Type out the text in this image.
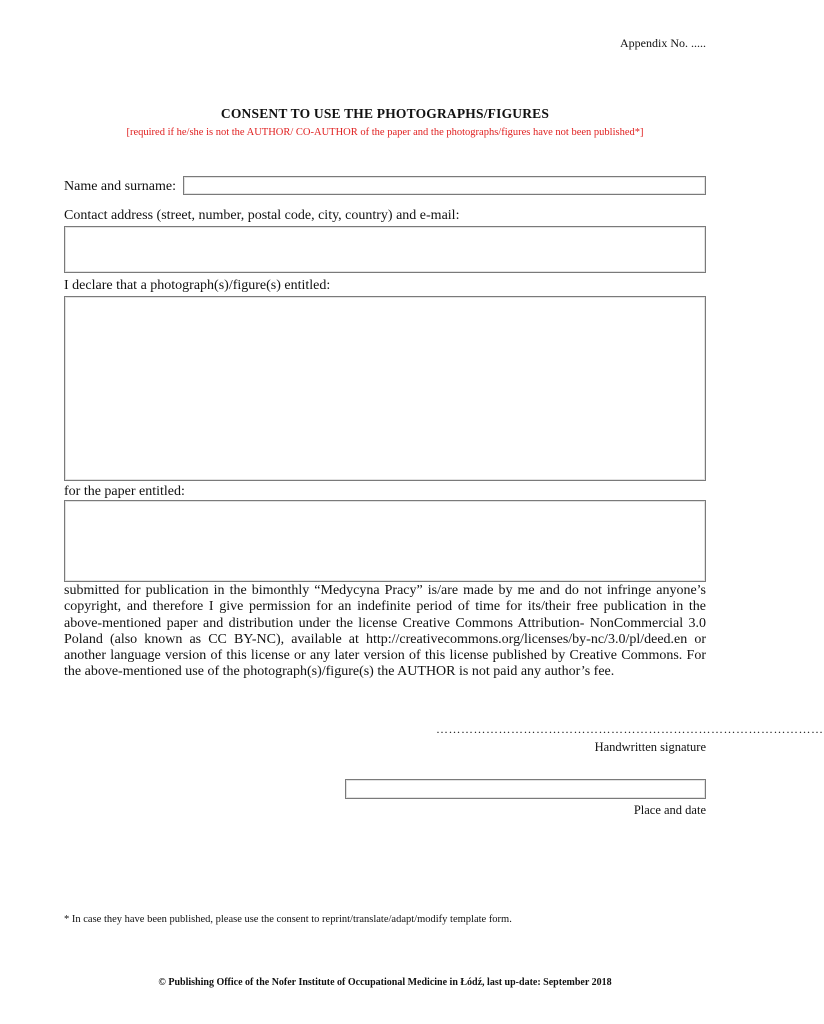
Appendix No. .....
CONSENT TO USE THE PHOTOGRAPHS/FIGURES
[required if he/she is not the AUTHOR/ CO-AUTHOR of the paper and the photographs/figures have not been published*]
Name and surname:
Contact address (street, number, postal code, city, country) and e-mail:
I declare that a photograph(s)/figure(s) entitled:
for the paper entitled:
submitted for publication in the bimonthly “Medycyna Pracy” is/are made by me and do not infringe anyone’s copyright, and therefore I give permission for an indefinite period of time for its/their free publication in the above-mentioned paper and distribution under the license Creative Commons Attribution- NonCommercial 3.0 Poland (also known as CC BY-NC), available at http://creativecommons.org/licenses/by-nc/3.0/pl/deed.en or another language version of this license or any later version of this license published by Creative Commons. For the above-mentioned use of the photograph(s)/figure(s) the AUTHOR is not paid any author’s fee.
…………………………………………………………………………………
Handwritten signature
Place and date
* In case they have been published, please use the consent to reprint/translate/adapt/modify template form.
© Publishing Office of the Nofer Institute of Occupational Medicine in Łódź, last up-date: September 2018
